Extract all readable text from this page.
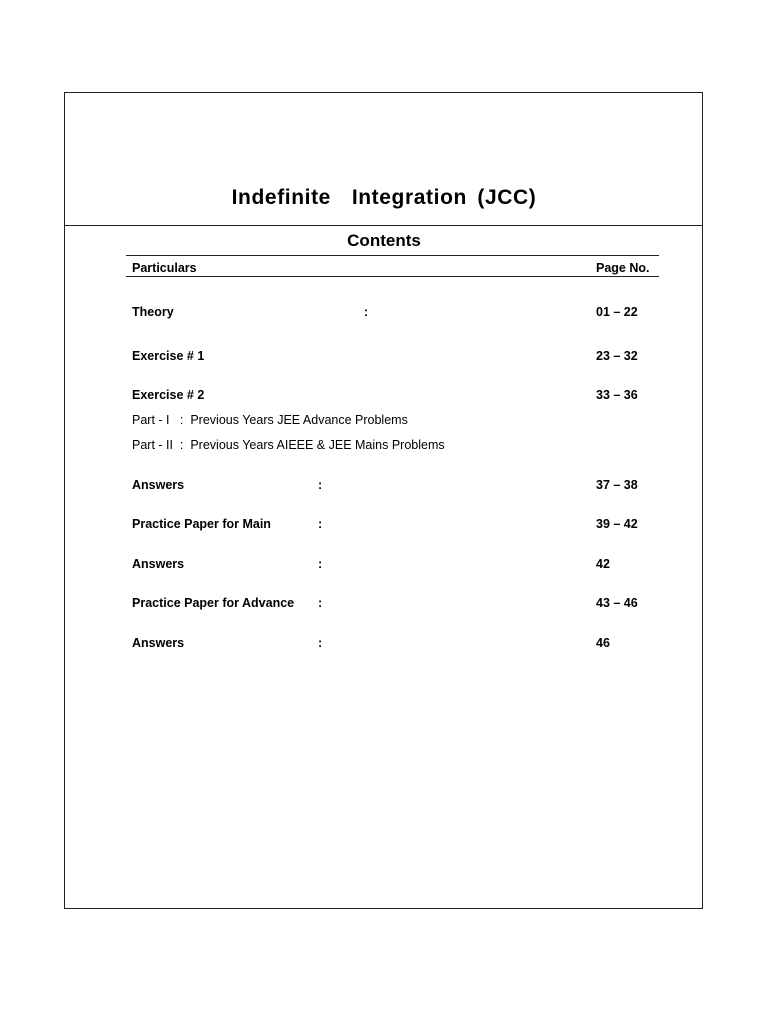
Indefinite  Integration (JCC)
Contents
Particulars	Page No.
Theory	:	01 – 22
Exercise # 1	23 – 32
Exercise # 2	33 – 36
Part - I   :  Previous Years JEE Advance Problems
Part - II  :  Previous Years AIEEE & JEE Mains Problems
Answers	:	37 – 38
Practice Paper for Main	:	39 – 42
Answers	:	42
Practice Paper for Advance :	43 – 46
Answers	:	46
